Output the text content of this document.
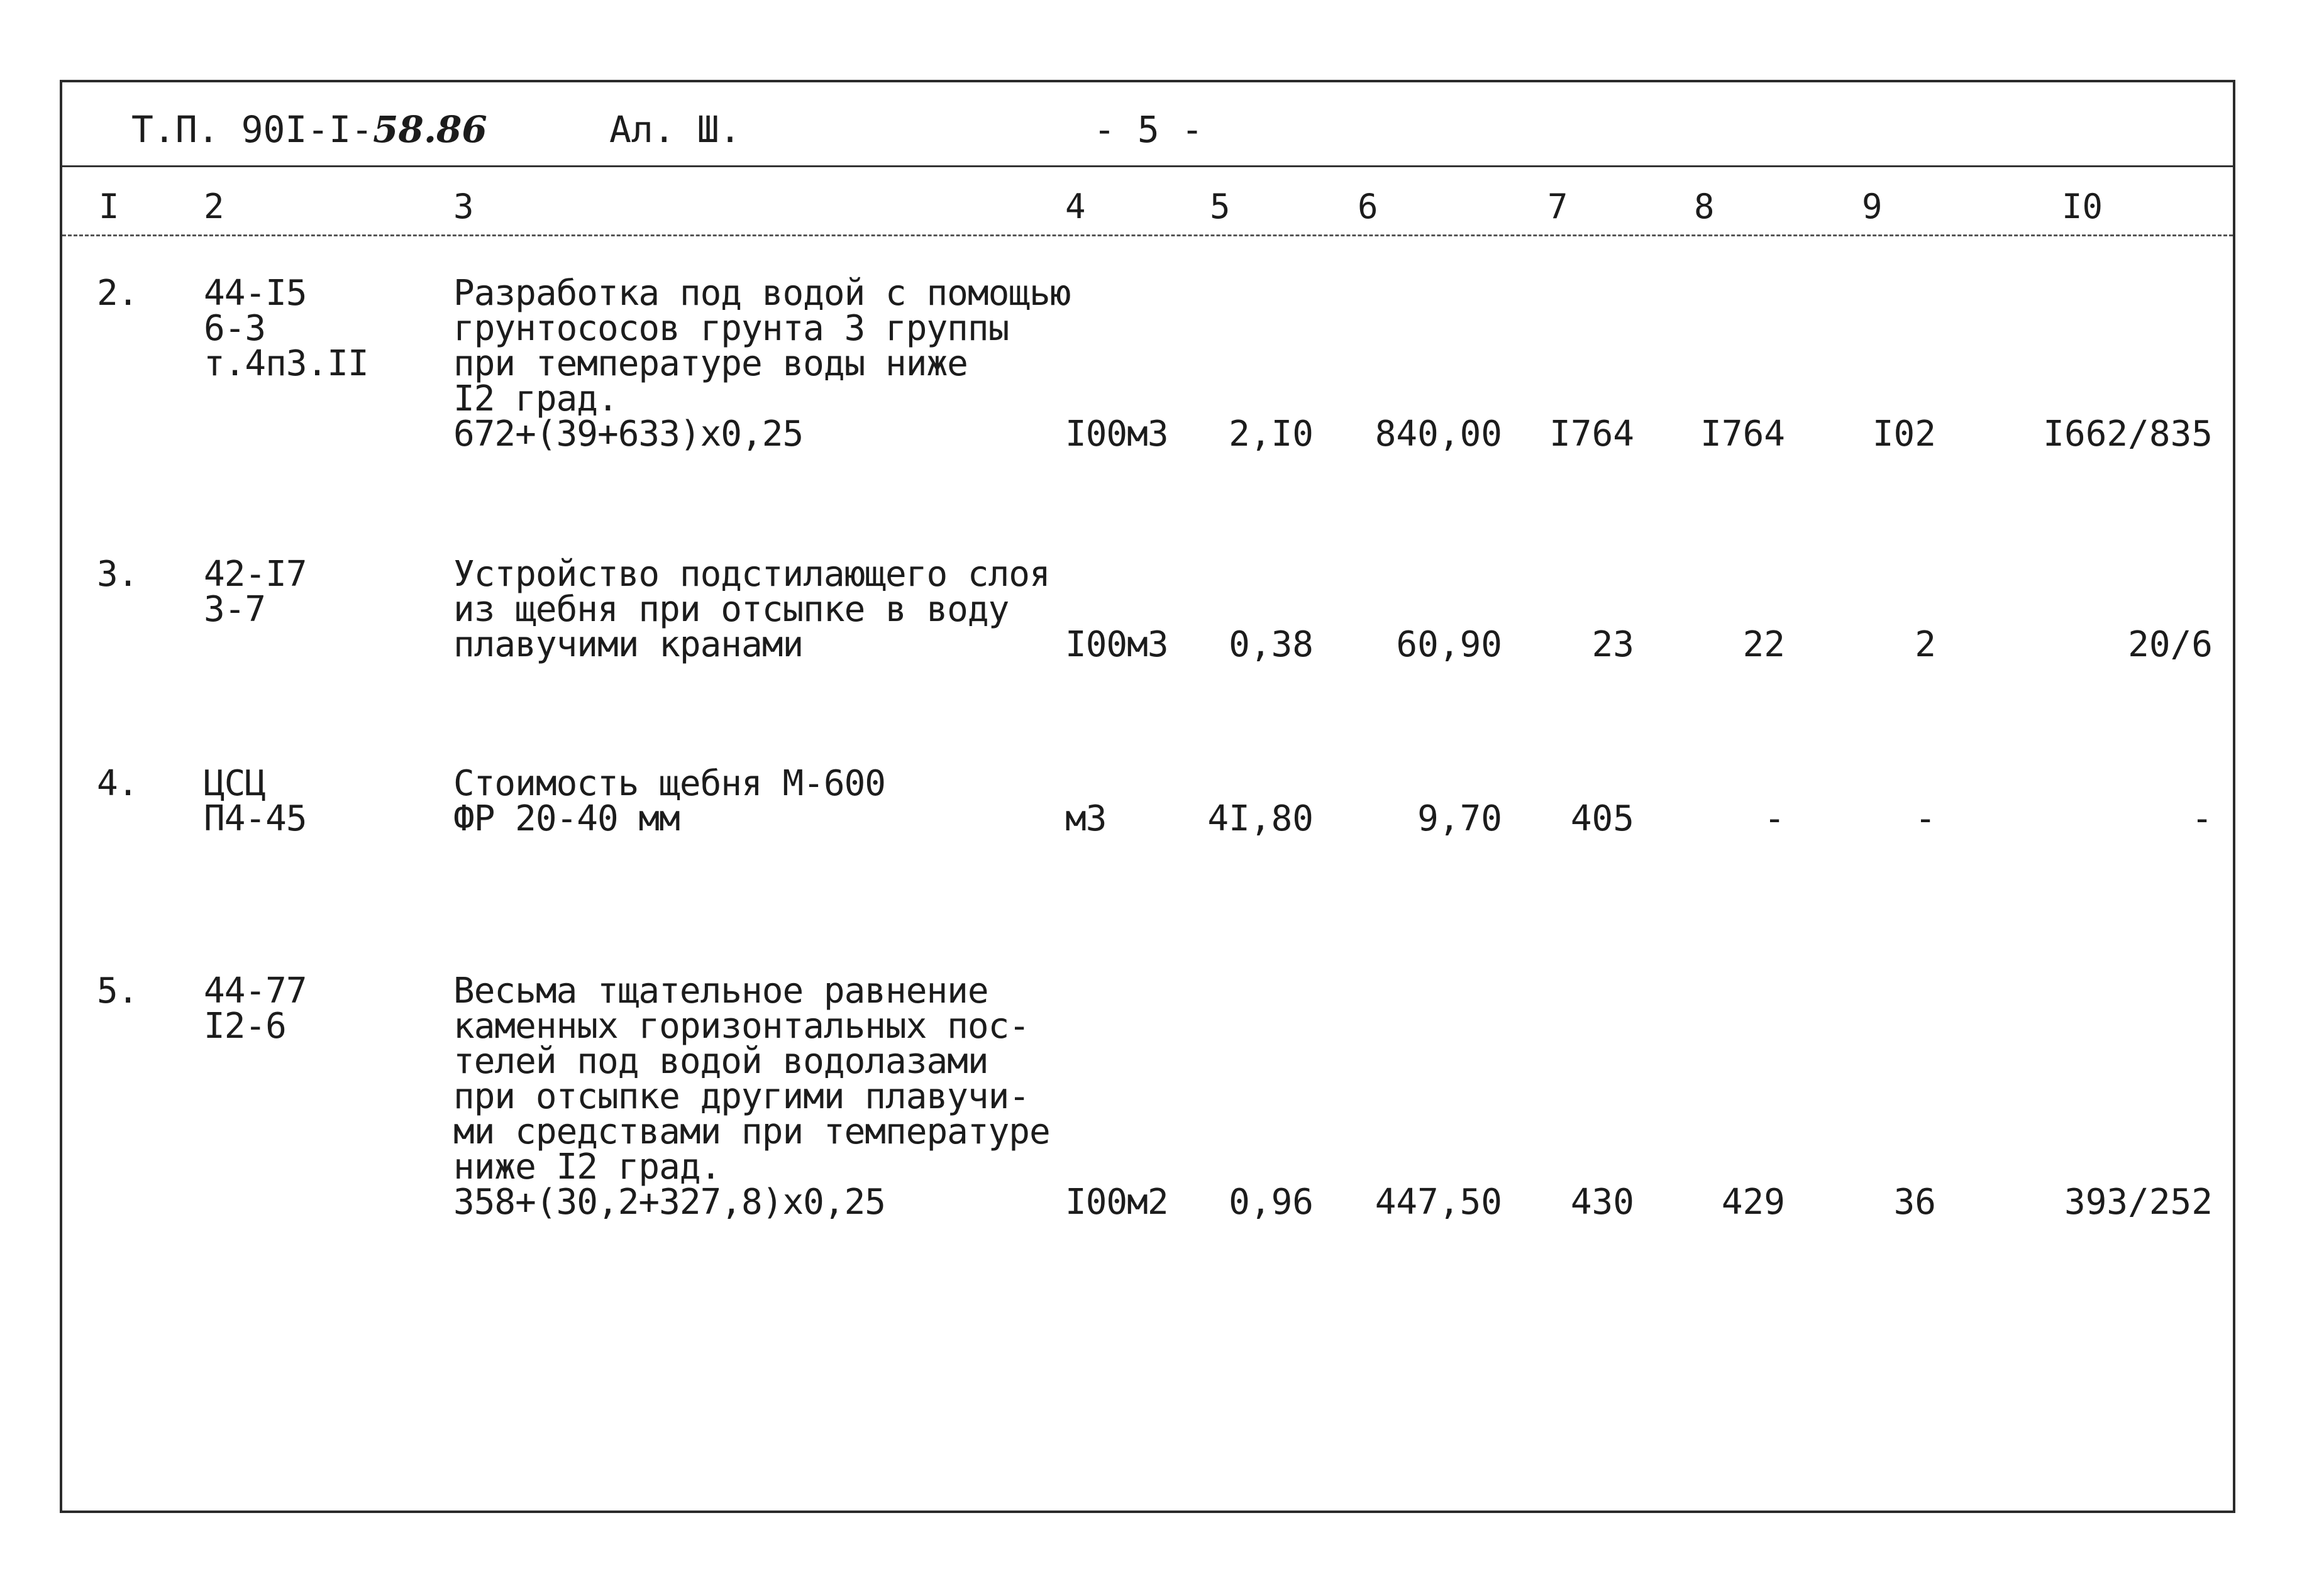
Т.П. 90I-I-58.86	Ал. Ш.	- 5 -
I 2	3	4	5	6	7	8	9	I0
2. 44-I5
6-3
т.4п3.II
Разработка под водой с помощью
грунтососов грунта 3 группы
при температуре воды ниже
I2 град.
672+(39+633)x0,25	I00м3	2,I0	840,00	I764	I764	I02	I662/835
3. 42-I7
3-7
Устройство подстилающего слоя
из щебня при отсыпке в воду
плавучими кранами	I00м3	0,38	60,90	23	22	2	20/6
4. ЦСЦ
П4-45
Стоимость щебня М-600
ФР 20-40 мм	м3	4I,80	9,70	405	-	-	-
5. 44-77
I2-6
Весьма тщательное равнение
каменных горизонтальных пос-
телей под водой водолазами
при отсыпке другими плавучи-
ми средствами при температуре
ниже I2 град.
358+(30,2+327,8)x0,25	I00м2	0,96	447,50	430	429	36	393/252
